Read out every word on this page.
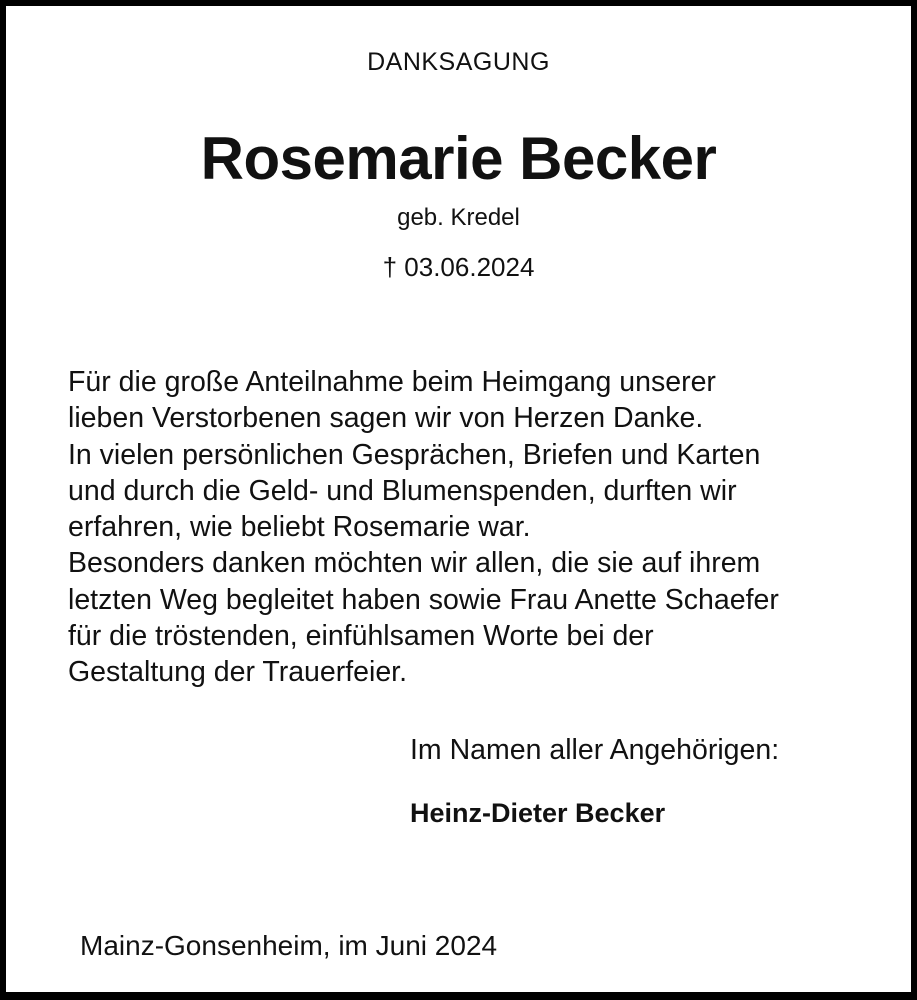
DANKSAGUNG

Rosemarie Becker

geb. Kredel

† 03.06.2024

Für die große Anteilnahme beim Heimgang unserer
lieben Verstorbenen sagen wir von Herzen Danke.
In vielen persönlichen Gesprächen, Briefen und Karten
und durch die Geld- und Blumenspenden, durften wir
erfahren, wie beliebt Rosemarie war.
Besonders danken möchten wir allen, die sie auf ihrem
letzten Weg begleitet haben sowie Frau Anette Schaefer
für die tröstenden, einfühlsamen Worte bei der
Gestaltung der Trauerfeier.

Im Namen aller Angehörigen:

Heinz-Dieter Becker

Mainz-Gonsenheim, im Juni 2024
